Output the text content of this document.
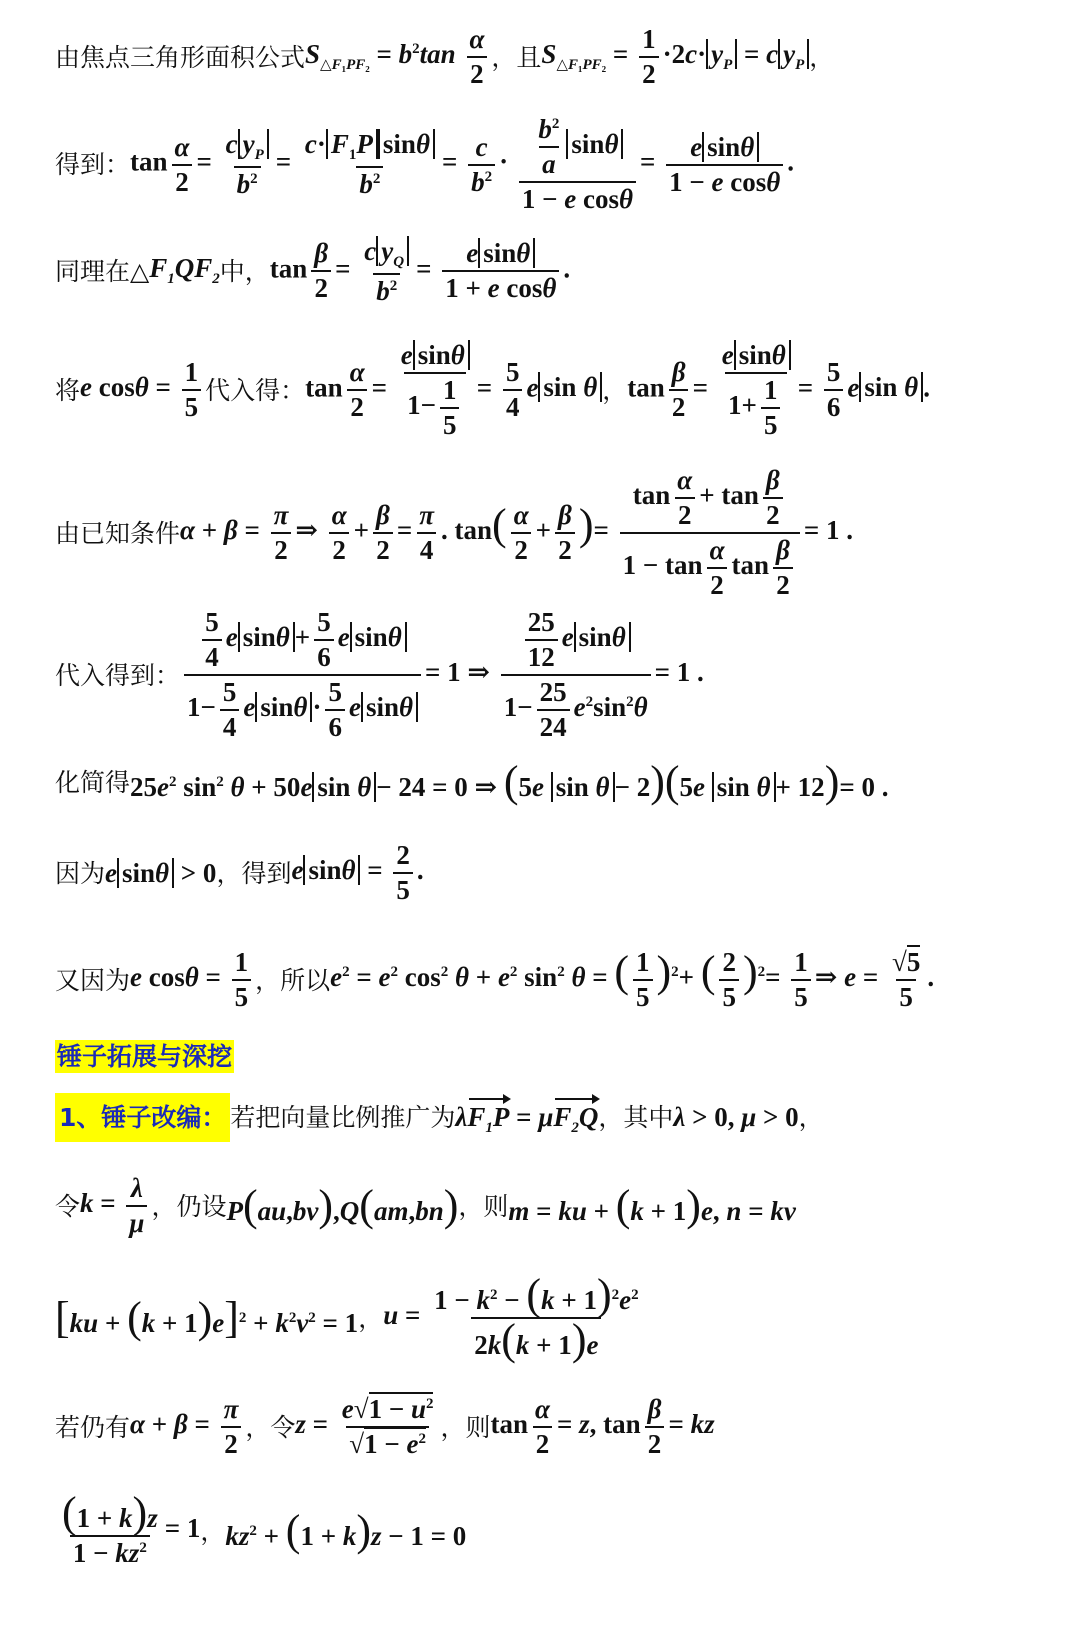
由焦点三角形面积公式 $S_{\triangle F_1PF_2} = b^2\tan \frac{\alpha}{2}$ ，且 $S_{\triangle F_1PF_2} = \frac{1}{2} \cdot 2c\cdot y_P = c$ $y_P$ ，
得到： $\tan \frac{\alpha}{2} = \frac{c y_P}{b^2} = \frac{c\cdot F_1P \sin\theta}{b^2} = \frac{c}{b^2} \cdot \frac{\frac{b^2}{a} \sin\theta}{\text{1 − e cosθ}} = \frac{\text{e sinθ}}{\text{1 − e cosθ}}$ .
同理在△ $F_1QF_2$ 中， $\tan \frac{\beta}{2} = \frac{c y_Q}{b^2} = \frac{\text{e sinθ}}{\text{1 + e cosθ}}$ .
将 e $\cos\theta = \frac{1}{5}$ 代入得： $\tan \frac{\alpha}{2} = \frac{\text{e sinθ}}{1- \frac{1}{5}} = \frac{5}{4}$ e sin θ ， $\tan \frac{\beta}{2} = \frac{\text{e sinθ}}{1+ \frac{1}{5}} = \frac{5}{6}$ e sin θ .
由已知条件 $\alpha + \beta = \frac{\pi}{2}$ ⇒ $\frac{\alpha}{2} + \frac{\beta}{2} = \frac{\pi}{4}$ . $\tan( \frac{\alpha}{2} + \frac{\beta}{2}$ )= $\frac{\tan \frac{\alpha}{2} + \tan \frac{\beta}{2}}{1 - \tan \frac{\alpha}{2} \tan \frac{\beta}{2}} = 1$ .
代入得到： $\frac{\frac{5}{4} e \sin\theta + \frac{5}{6} e \sin\theta}{1- \frac{5}{4} e \sin\theta \cdot \frac{5}{6} e \sin\theta} = 1$ ⇒ $\frac{\frac{25}{12} e \sin\theta}{1- \frac{25}{24} e^2\sin^2\theta} = 1$ .
化简得 $25e^2$ $\sin^2 \theta + 50e$ sin θ − 24 = 0 ⇒ (5e sin θ − 2)(5e sin θ + 12)= 0 .
因为 e sinθ > 0 ，得到 e $\sin\theta = \frac{2}{5}$ .
又因为 e $\cos\theta = \frac{1}{5}$ ，所以 $e^2 = e^2$ $\cos^2 \theta + e^2$ $\sin^2 \theta$ = ( $\frac{1}{5} )^2+$ ( $\frac{2}{5} )^2= \frac{1}{5}$ ⇒ $e = \frac{√5}{5}$ .
锤子拓展与深挖
1、锤子改编： 若把向量比例推广为 $\lambda F_1P = \mu F_2Q$ ，其中 λ > 0, μ > 0 ，
令 $k = \frac{\lambda}{\mu}$ ，仍设 P(au,bv),Q(am,bn) ，则 m = ku + (k + 1)e, n = kv
$[ku + (k + 1)e]^2 + k^2v^2 = 1$ ， $u = \frac{1 - k^2 - (k + 1)^2e^2}{2k(k + 1)e}$
若仍有 $\alpha + \beta = \frac{\pi}{2}$ ，令 $z = \frac{e√1 - u^2}{√1 - e^2}$ ，则 $\tan \frac{\alpha}{2} = z$, $\tan \frac{\beta}{2}$ = kz
$\frac{(1 + k)z}{1 - kz^2} = 1$ ， $kz^2 + (1 + k)z - 1 = 0$
